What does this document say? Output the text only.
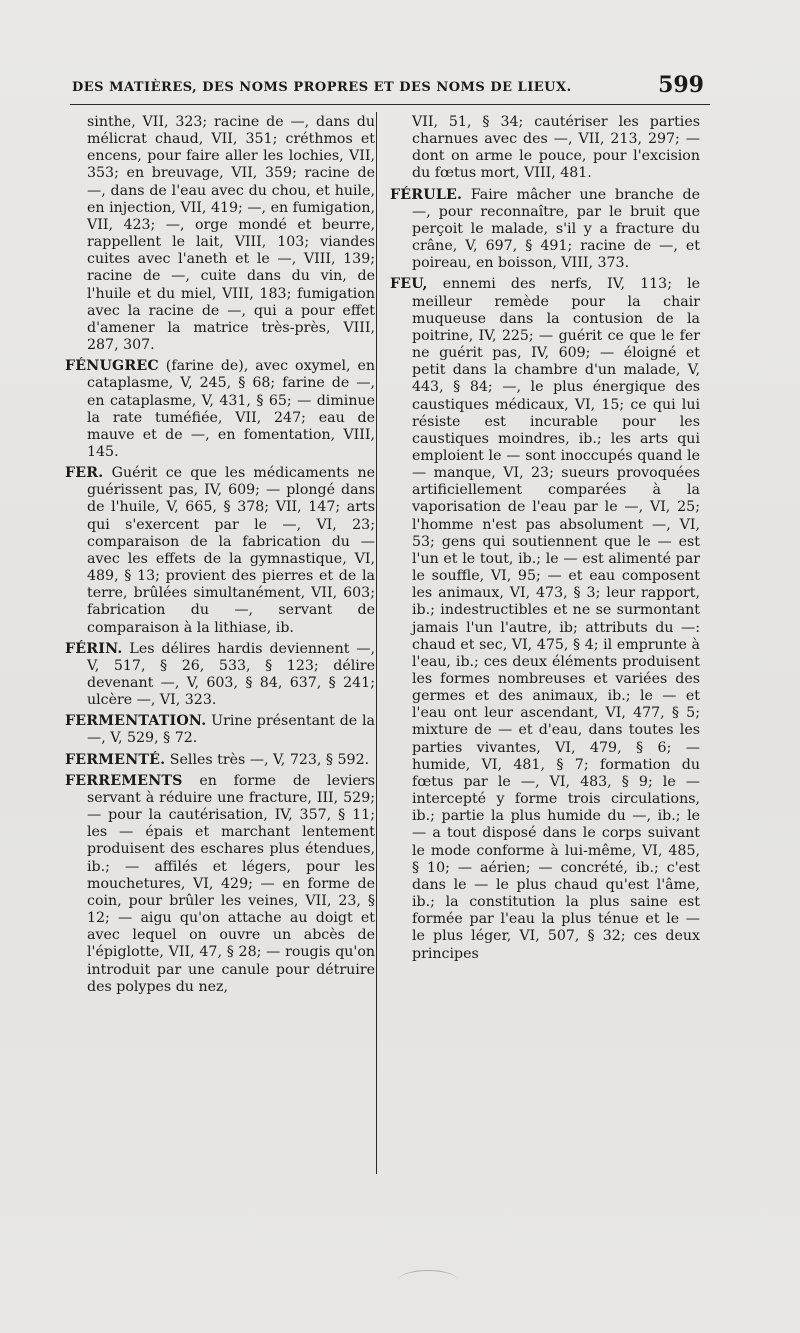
DES MATIÈRES, DES NOMS PROPRES ET DES NOMS DE LIEUX.	599

sinthe, VII, 323; racine de —, dans du mélicrat chaud, VII, 351; créthmos et encens, pour faire aller les lochies, VII, 353; en breuvage, VII, 359; racine de —, dans de l'eau avec du chou, et huile, en injection, VII, 419; —, en fumigation, VII, 423; —, orge mondé et beurre, rappellent le lait, VIII, 103; viandes cuites avec l'aneth et le —, VIII, 139; racine de —, cuite dans du vin, de l'huile et du miel, VIII, 183; fumigation avec la racine de —, qui a pour effet d'amener la matrice très-près, VIII, 287, 307.

FÉNUGREC (farine de), avec oxymel, en cataplasme, V, 245, § 68; farine de —, en cataplasme, V, 431, § 65; — diminue la rate tuméfiée, VII, 247; eau de mauve et de —, en fomentation, VIII, 145.

FER. Guérit ce que les médicaments ne guérissent pas, IV, 609; — plongé dans de l'huile, V, 665, § 378; VII, 147; arts qui s'exercent par le —, VI, 23; comparaison de la fabrication du — avec les effets de la gymnastique, VI, 489, § 13; provient des pierres et de la terre, brûlées simultanément, VII, 603; fabrication du —, servant de comparaison à la lithiase, ib.

FÉRIN. Les délires hardis deviennent —, V, 517, § 26, 533, § 123; délire devenant —, V, 603, § 84, 637, § 241; ulcère —, VI, 323.

FERMENTATION. Urine présentant de la —, V, 529, § 72.

FERMENTÉ. Selles très —, V, 723, § 592.

FERREMENTS en forme de leviers servant à réduire une fracture, III, 529; — pour la cautérisation, IV, 357, § 11; les — épais et marchant lentement produisent des eschares plus étendues, ib.; — affilés et légers, pour les mouchetures, VI, 429; — en forme de coin, pour brûler les veines, VII, 23, § 12; — aigu qu'on attache au doigt et avec lequel on ouvre un abcès de l'épiglotte, VII, 47, § 28; — rougis qu'on introduit par une canule pour détruire des polypes du nez,

VII, 51, § 34; cautériser les parties charnues avec des —, VII, 213, 297; — dont on arme le pouce, pour l'excision du fœtus mort, VIII, 481.

FÉRULE. Faire mâcher une branche de —, pour reconnaître, par le bruit que perçoit le malade, s'il y a fracture du crâne, V, 697, § 491; racine de —, et poireau, en boisson, VIII, 373.

FEU, ennemi des nerfs, IV, 113; le meilleur remède pour la chair muqueuse dans la contusion de la poitrine, IV, 225; — guérit ce que le fer ne guérit pas, IV, 609; — éloigné et petit dans la chambre d'un malade, V, 443, § 84; —, le plus énergique des caustiques médicaux, VI, 15; ce qui lui résiste est incurable pour les caustiques moindres, ib.; les arts qui emploient le — sont inoccupés quand le — manque, VI, 23; sueurs provoquées artificiellement comparées à la vaporisation de l'eau par le —, VI, 25; l'homme n'est pas absolument —, VI, 53; gens qui soutiennent que le — est l'un et le tout, ib.; le — est alimenté par le souffle, VI, 95; — et eau composent les animaux, VI, 473, § 3; leur rapport, ib.; indestructibles et ne se surmontant jamais l'un l'autre, ib; attributs du —: chaud et sec, VI, 475, § 4; il emprunte à l'eau, ib.; ces deux éléments produisent les formes nombreuses et variées des germes et des animaux, ib.; le — et l'eau ont leur ascendant, VI, 477, § 5; mixture de — et d'eau, dans toutes les parties vivantes, VI, 479, § 6; — humide, VI, 481, § 7; formation du fœtus par le —, VI, 483, § 9; le — intercepté y forme trois circulations, ib.; partie la plus humide du —, ib.; le — a tout disposé dans le corps suivant le mode conforme à lui-même, VI, 485, § 10; — aérien; — concrété, ib.; c'est dans le — le plus chaud qu'est l'âme, ib.; la constitution la plus saine est formée par l'eau la plus ténue et le — le plus léger, VI, 507, § 32; ces deux principes
